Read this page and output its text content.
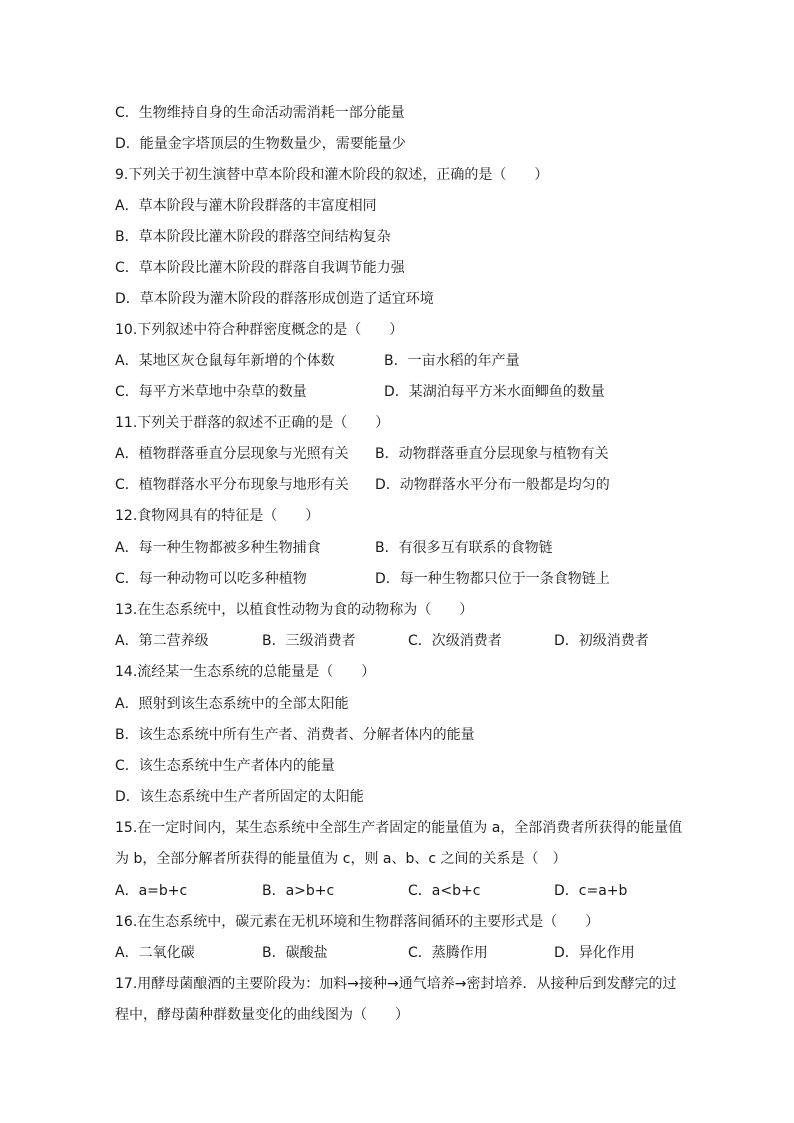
C．生物维持自身的生命活动需消耗一部分能量
D．能量金字塔顶层的生物数量少，需要能量少
9.下列关于初生演替中草本阶段和灌木阶段的叙述，正确的是（　　）
A．草本阶段与灌木阶段群落的丰富度相同
B．草本阶段比灌木阶段的群落空间结构复杂
C．草本阶段比灌木阶段的群落自我调节能力强
D．草本阶段为灌木阶段的群落形成创造了适宜环境
10.下列叙述中符合种群密度概念的是（　　）
A．某地区灰仓鼠每年新增的个体数	B．一亩水稻的年产量
C．每平方米草地中杂草的数量	D．某湖泊每平方米水面鲫鱼的数量
11.下列关于群落的叙述不正确的是（　　）
A．植物群落垂直分层现象与光照有关 B．动物群落垂直分层现象与植物有关
C．植物群落水平分布现象与地形有关 D．动物群落水平分布一般都是均匀的
12.食物网具有的特征是（　　）
A．每一种生物都被多种生物捕食	B．有很多互有联系的食物链
C．每一种动物可以吃多种植物	D．每一种生物都只位于一条食物链上
13.在生态系统中，以植食性动物为食的动物称为（　　）
A．第二营养级	B．三级消费者	C．次级消费者	D．初级消费者
14.流经某一生态系统的总能量是（　　）
A．照射到该生态系统中的全部太阳能
B．该生态系统中所有生产者、消费者、分解者体内的能量
C．该生态系统中生产者体内的能量
D．该生态系统中生产者所固定的太阳能
15.在一定时间内，某生态系统中全部生产者固定的能量值为 a，全部消费者所获得的能量值
为 b，全部分解者所获得的能量值为 c，则 a、b、c 之间的关系是（　）
A．a=b+c	B．a>b+c	C．a<b+c	D．c=a+b
16.在生态系统中，碳元素在无机环境和生物群落间循环的主要形式是（　　）
A．二氧化碳	B．碳酸盐	C．蒸腾作用	D．异化作用
17.用酵母菌酿酒的主要阶段为：加料→接种→通气培养→密封培养．从接种后到发酵完的过
程中，酵母菌种群数量变化的曲线图为（　　）
